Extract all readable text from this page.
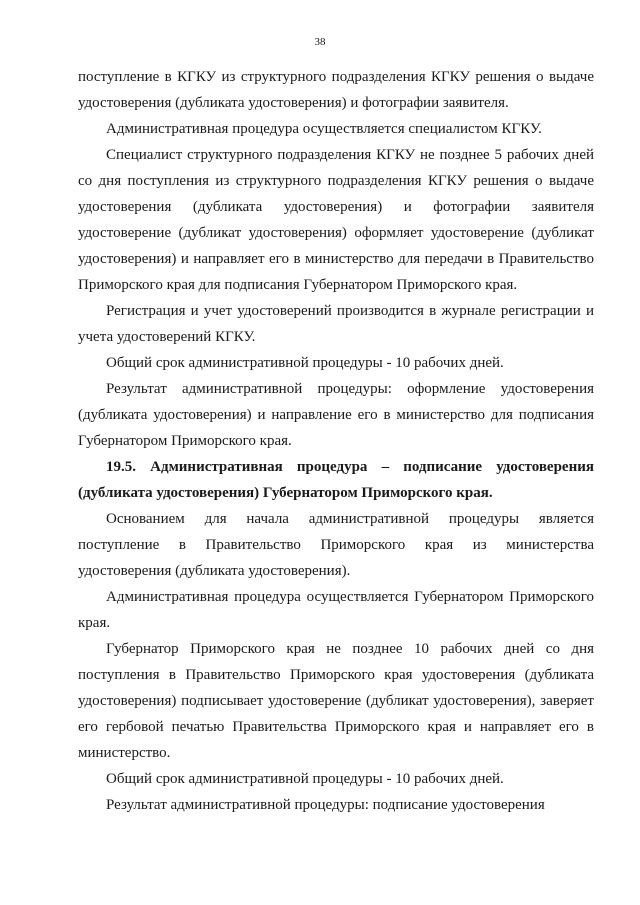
38

поступление в КГКУ из структурного подразделения КГКУ решения о выдаче удостоверения (дубликата удостоверения) и фотографии заявителя.

Административная процедура осуществляется специалистом КГКУ.

Специалист структурного подразделения КГКУ не позднее 5 рабочих дней со дня поступления из структурного подразделения КГКУ решения о выдаче удостоверения (дубликата удостоверения) и фотографии заявителя удостоверение (дубликат удостоверения) оформляет удостоверение (дубликат удостоверения) и направляет его в министерство для передачи в Правительство Приморского края для подписания Губернатором Приморского края.

Регистрация и учет удостоверений производится в журнале регистрации и учета удостоверений КГКУ.

Общий срок административной процедуры - 10 рабочих дней.

Результат административной процедуры: оформление удостоверения (дубликата удостоверения) и направление его в министерство для подписания Губернатором Приморского края.

19.5. Административная процедура – подписание удостоверения (дубликата удостоверения) Губернатором Приморского края.

Основанием для начала административной процедуры является поступление в Правительство Приморского края из министерства удостоверения (дубликата удостоверения).

Административная процедура осуществляется Губернатором Приморского края.

Губернатор Приморского края не позднее 10 рабочих дней со дня поступления в Правительство Приморского края удостоверения (дубликата удостоверения) подписывает удостоверение (дубликат удостоверения), заверяет его гербовой печатью Правительства Приморского края и направляет его в министерство.

Общий срок административной процедуры - 10 рабочих дней.

Результат административной процедуры: подписание удостоверения
